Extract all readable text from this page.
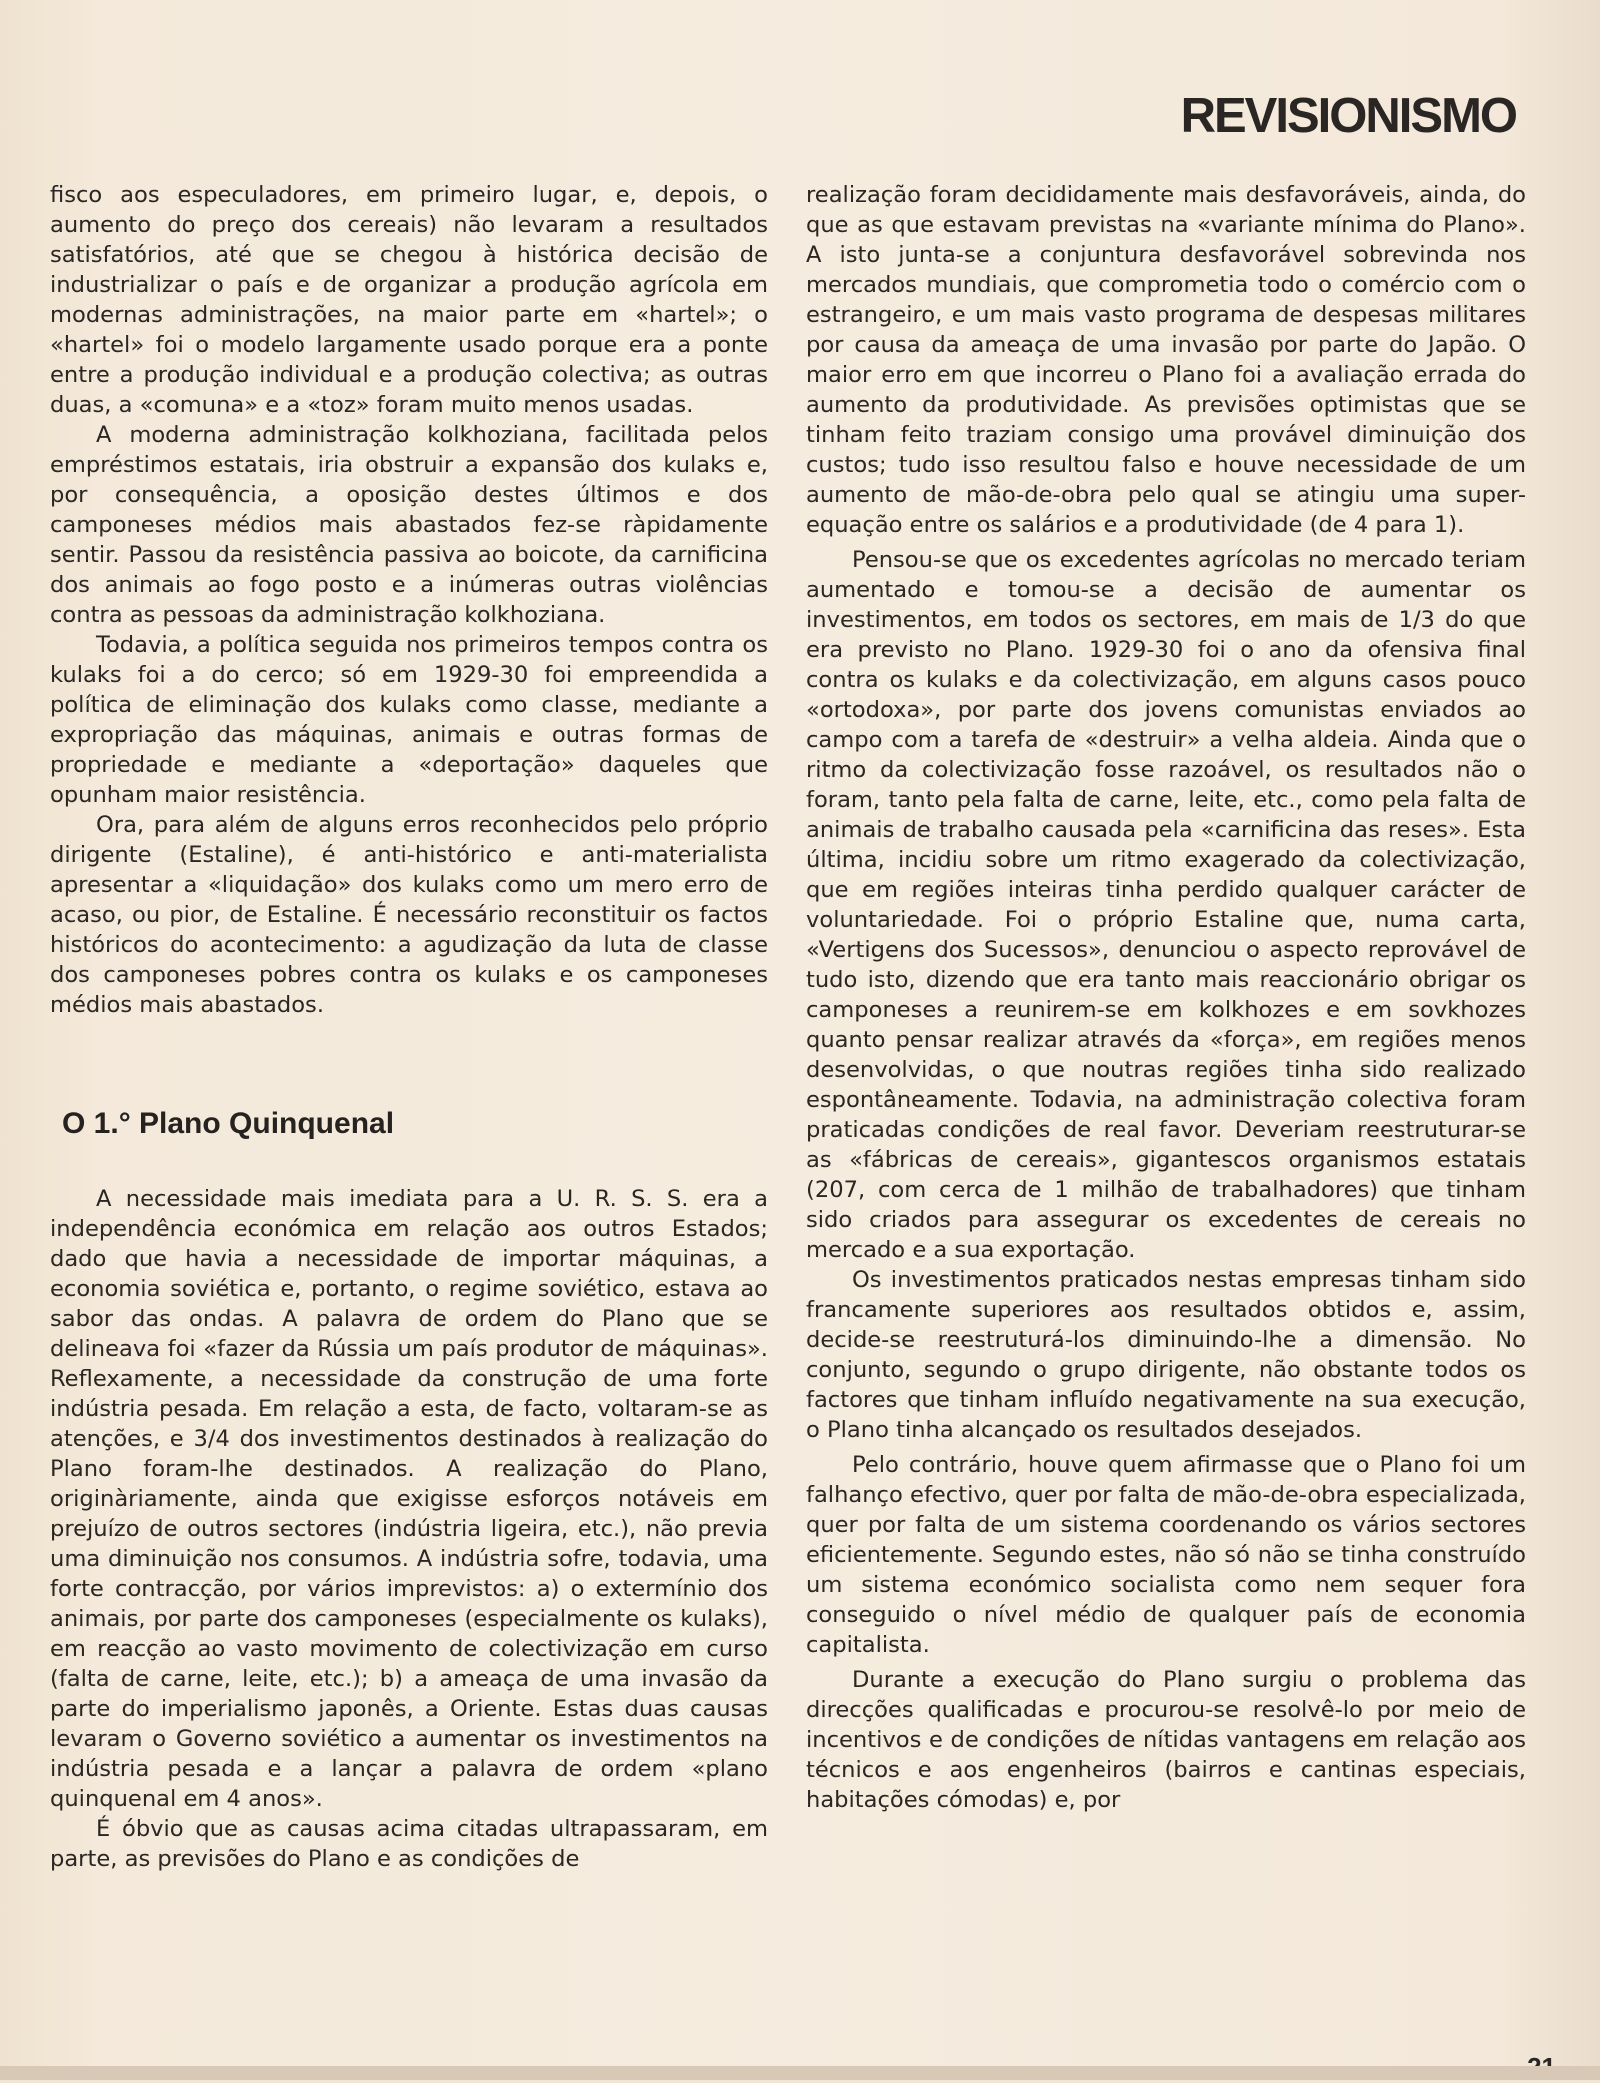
REVISIONISMO

fisco aos especuladores, em primeiro lugar, e, depois, o aumento do preço dos cereais) não levaram a resultados satisfatórios, até que se chegou à histórica decisão de industrializar o país e de organizar a produção agrícola em modernas administrações, na maior parte em «hartel»; o «hartel» foi o modelo largamente usado porque era a ponte entre a produção individual e a produção colectiva; as outras duas, a «comuna» e a «toz» foram muito menos usadas.

A moderna administração kolkhoziana, facilitada pelos empréstimos estatais, iria obstruir a expansão dos kulaks e, por consequência, a oposição destes últimos e dos camponeses médios mais abastados fez-se ràpidamente sentir. Passou da resistência passiva ao boicote, da carnificina dos animais ao fogo posto e a inúmeras outras violências contra as pessoas da administração kolkhoziana.

Todavia, a política seguida nos primeiros tempos contra os kulaks foi a do cerco; só em 1929-30 foi empreendida a política de eliminação dos kulaks como classe, mediante a expropriação das máquinas, animais e outras formas de propriedade e mediante a «deportação» daqueles que opunham maior resistência.

Ora, para além de alguns erros reconhecidos pelo próprio dirigente (Estaline), é anti-histórico e anti-materialista apresentar a «liquidação» dos kulaks como um mero erro de acaso, ou pior, de Estaline. É necessário reconstituir os factos históricos do acontecimento: a agudização da luta de classe dos camponeses pobres contra os kulaks e os camponeses médios mais abastados.

O 1.° Plano Quinquenal

A necessidade mais imediata para a U. R. S. S. era a independência económica em relação aos outros Estados; dado que havia a necessidade de importar máquinas, a economia soviética e, portanto, o regime soviético, estava ao sabor das ondas. A palavra de ordem do Plano que se delineava foi «fazer da Rússia um país produtor de máquinas». Reflexamente, a necessidade da construção de uma forte indústria pesada. Em relação a esta, de facto, voltaram-se as atenções, e 3/4 dos investimentos destinados à realização do Plano foram-lhe destinados. A realização do Plano, originàriamente, ainda que exigisse esforços notáveis em prejuízo de outros sectores (indústria ligeira, etc.), não previa uma diminuição nos consumos. A indústria sofre, todavia, uma forte contracção, por vários imprevistos: a) o extermínio dos animais, por parte dos camponeses (especialmente os kulaks), em reacção ao vasto movimento de colectivização em curso (falta de carne, leite, etc.); b) a ameaça de uma invasão da parte do imperialismo japonês, a Oriente. Estas duas causas levaram o Governo soviético a aumentar os investimentos na indústria pesada e a lançar a palavra de ordem «plano quinquenal em 4 anos».

É óbvio que as causas acima citadas ultrapassaram, em parte, as previsões do Plano e as condições de

realização foram decididamente mais desfavoráveis, ainda, do que as que estavam previstas na «variante mínima do Plano». A isto junta-se a conjuntura desfavorável sobrevinda nos mercados mundiais, que comprometia todo o comércio com o estrangeiro, e um mais vasto programa de despesas militares por causa da ameaça de uma invasão por parte do Japão. O maior erro em que incorreu o Plano foi a avaliação errada do aumento da produtividade. As previsões optimistas que se tinham feito traziam consigo uma provável diminuição dos custos; tudo isso resultou falso e houve necessidade de um aumento de mão-de-obra pelo qual se atingiu uma super-equação entre os salários e a produtividade (de 4 para 1).

Pensou-se que os excedentes agrícolas no mercado teriam aumentado e tomou-se a decisão de aumentar os investimentos, em todos os sectores, em mais de 1/3 do que era previsto no Plano. 1929-30 foi o ano da ofensiva final contra os kulaks e da colectivização, em alguns casos pouco «ortodoxa», por parte dos jovens comunistas enviados ao campo com a tarefa de «destruir» a velha aldeia. Ainda que o ritmo da colectivização fosse razoável, os resultados não o foram, tanto pela falta de carne, leite, etc., como pela falta de animais de trabalho causada pela «carnificina das reses». Esta última, incidiu sobre um ritmo exagerado da colectivização, que em regiões inteiras tinha perdido qualquer carácter de voluntariedade. Foi o próprio Estaline que, numa carta, «Vertigens dos Sucessos», denunciou o aspecto reprovável de tudo isto, dizendo que era tanto mais reaccionário obrigar os camponeses a reunirem-se em kolkhozes e em sovkhozes quanto pensar realizar através da «força», em regiões menos desenvolvidas, o que noutras regiões tinha sido realizado espontâneamente. Todavia, na administração colectiva foram praticadas condições de real favor. Deveriam reestruturar-se as «fábricas de cereais», gigantescos organismos estatais (207, com cerca de 1 milhão de trabalhadores) que tinham sido criados para assegurar os excedentes de cereais no mercado e a sua exportação.

Os investimentos praticados nestas empresas tinham sido francamente superiores aos resultados obtidos e, assim, decide-se reestruturá-los diminuindo-lhe a dimensão. No conjunto, segundo o grupo dirigente, não obstante todos os factores que tinham influído negativamente na sua execução, o Plano tinha alcançado os resultados desejados.

Pelo contrário, houve quem afirmasse que o Plano foi um falhanço efectivo, quer por falta de mão-de-obra especializada, quer por falta de um sistema coordenando os vários sectores eficientemente. Segundo estes, não só não se tinha construído um sistema económico socialista como nem sequer fora conseguido o nível médio de qualquer país de economia capitalista.

Durante a execução do Plano surgiu o problema das direcções qualificadas e procurou-se resolvê-lo por meio de incentivos e de condições de nítidas vantagens em relação aos técnicos e aos engenheiros (bairros e cantinas especiais, habitações cómodas) e, por
